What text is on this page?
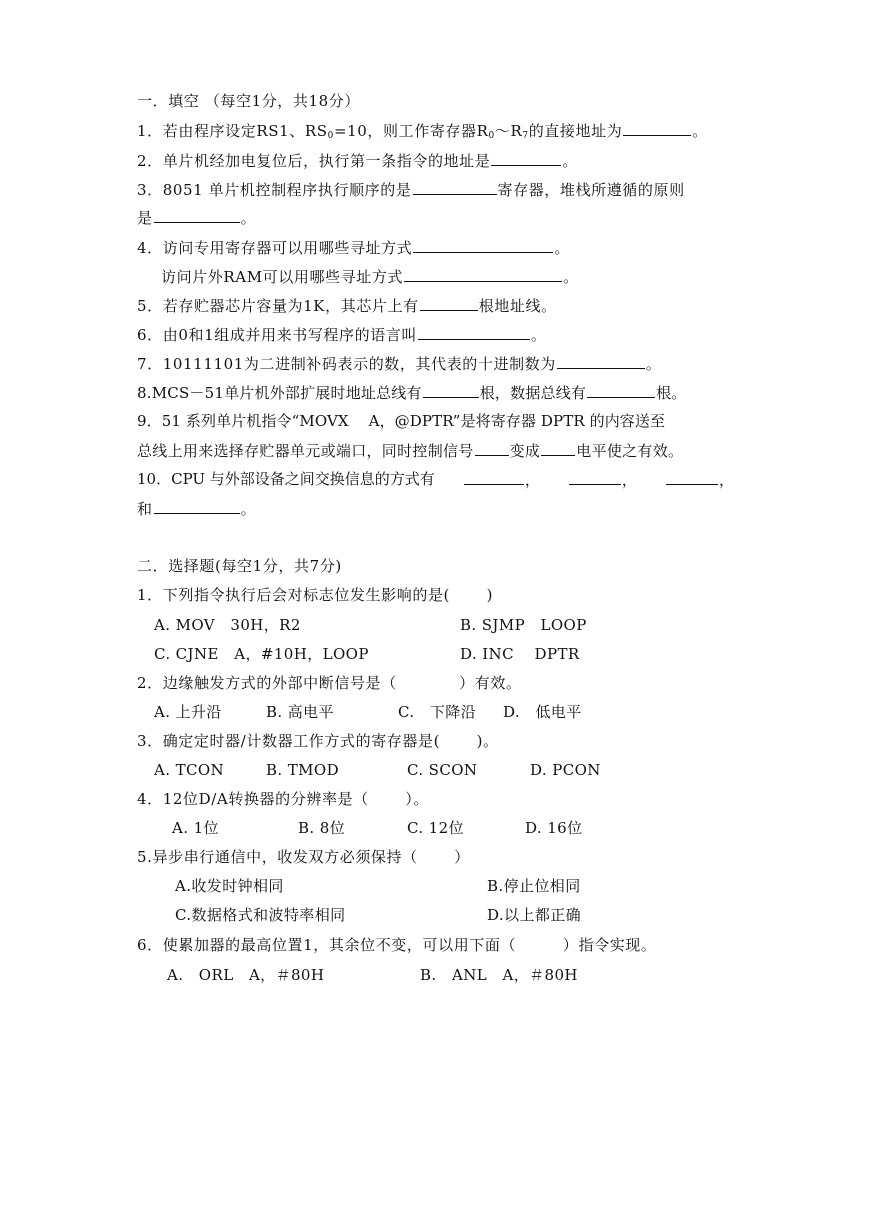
一．填空 （每空1分，共18分）
1．若由程序设定RS1、$RS_0=10$，则工作寄存器$R_0\sim R_7$的直接地址为	。
2．单片机经加电复位后，执行第一条指令的地址是	。
3．8051 单片机控制程序执行顺序的是	寄存器，堆栈所遵循的原则
是	。
4．访问专用寄存器可以用哪些寻址方式	。
访问片外RAM可以用哪些寻址方式	。
5．若存贮器芯片容量为1K，其芯片上有	根地址线。
6．由0和1组成并用来书写程序的语言叫	。
7．10111101为二进制补码表示的数，其代表的十进制数为	。
8.MCS－51单片机外部扩展时地址总线有	根，数据总线有	根。
9．51 系列单片机指令“MOVX　 A，@DPTR”是将寄存器 DPTR 的内容送至
总线上用来选择存贮器单元或端口，同时控制信号 变成 电平使之有效。
10．CPU 与外部设备之间交换信息的方式有	，	，	，
和	。
二．选择题(每空1分，共7分)
1．下列指令执行后会对标志位发生影响的是(　　 )
A. MOV　30H，R2	B. SJMP　LOOP
C. CJNE　A，#10H，LOOP	D. INC　 DPTR
2．边缘触发方式的外部中断信号是（　　　　）有效。
A. 上升沿	B. 高电平	C.　下降沿 D.　低电平
3．确定定时器/计数器工作方式的寄存器是(　　 )。
A. TCON	B. TMOD	C. SCON	D. PCON
4．12位D/A转换器的分辨率是（　　 ）。
A. 1位	B. 8位	C. 12位	D. 16位
5.异步串行通信中，收发双方必须保持（　　 ）
A.收发时钟相同	B.停止位相同
C.数据格式和波特率相同	D.以上都正确
6．使累加器的最高位置1，其余位不变，可以用下面（　　　）指令实现。
A.　ORL　A，＃80H	B.　ANL　A，＃80H
